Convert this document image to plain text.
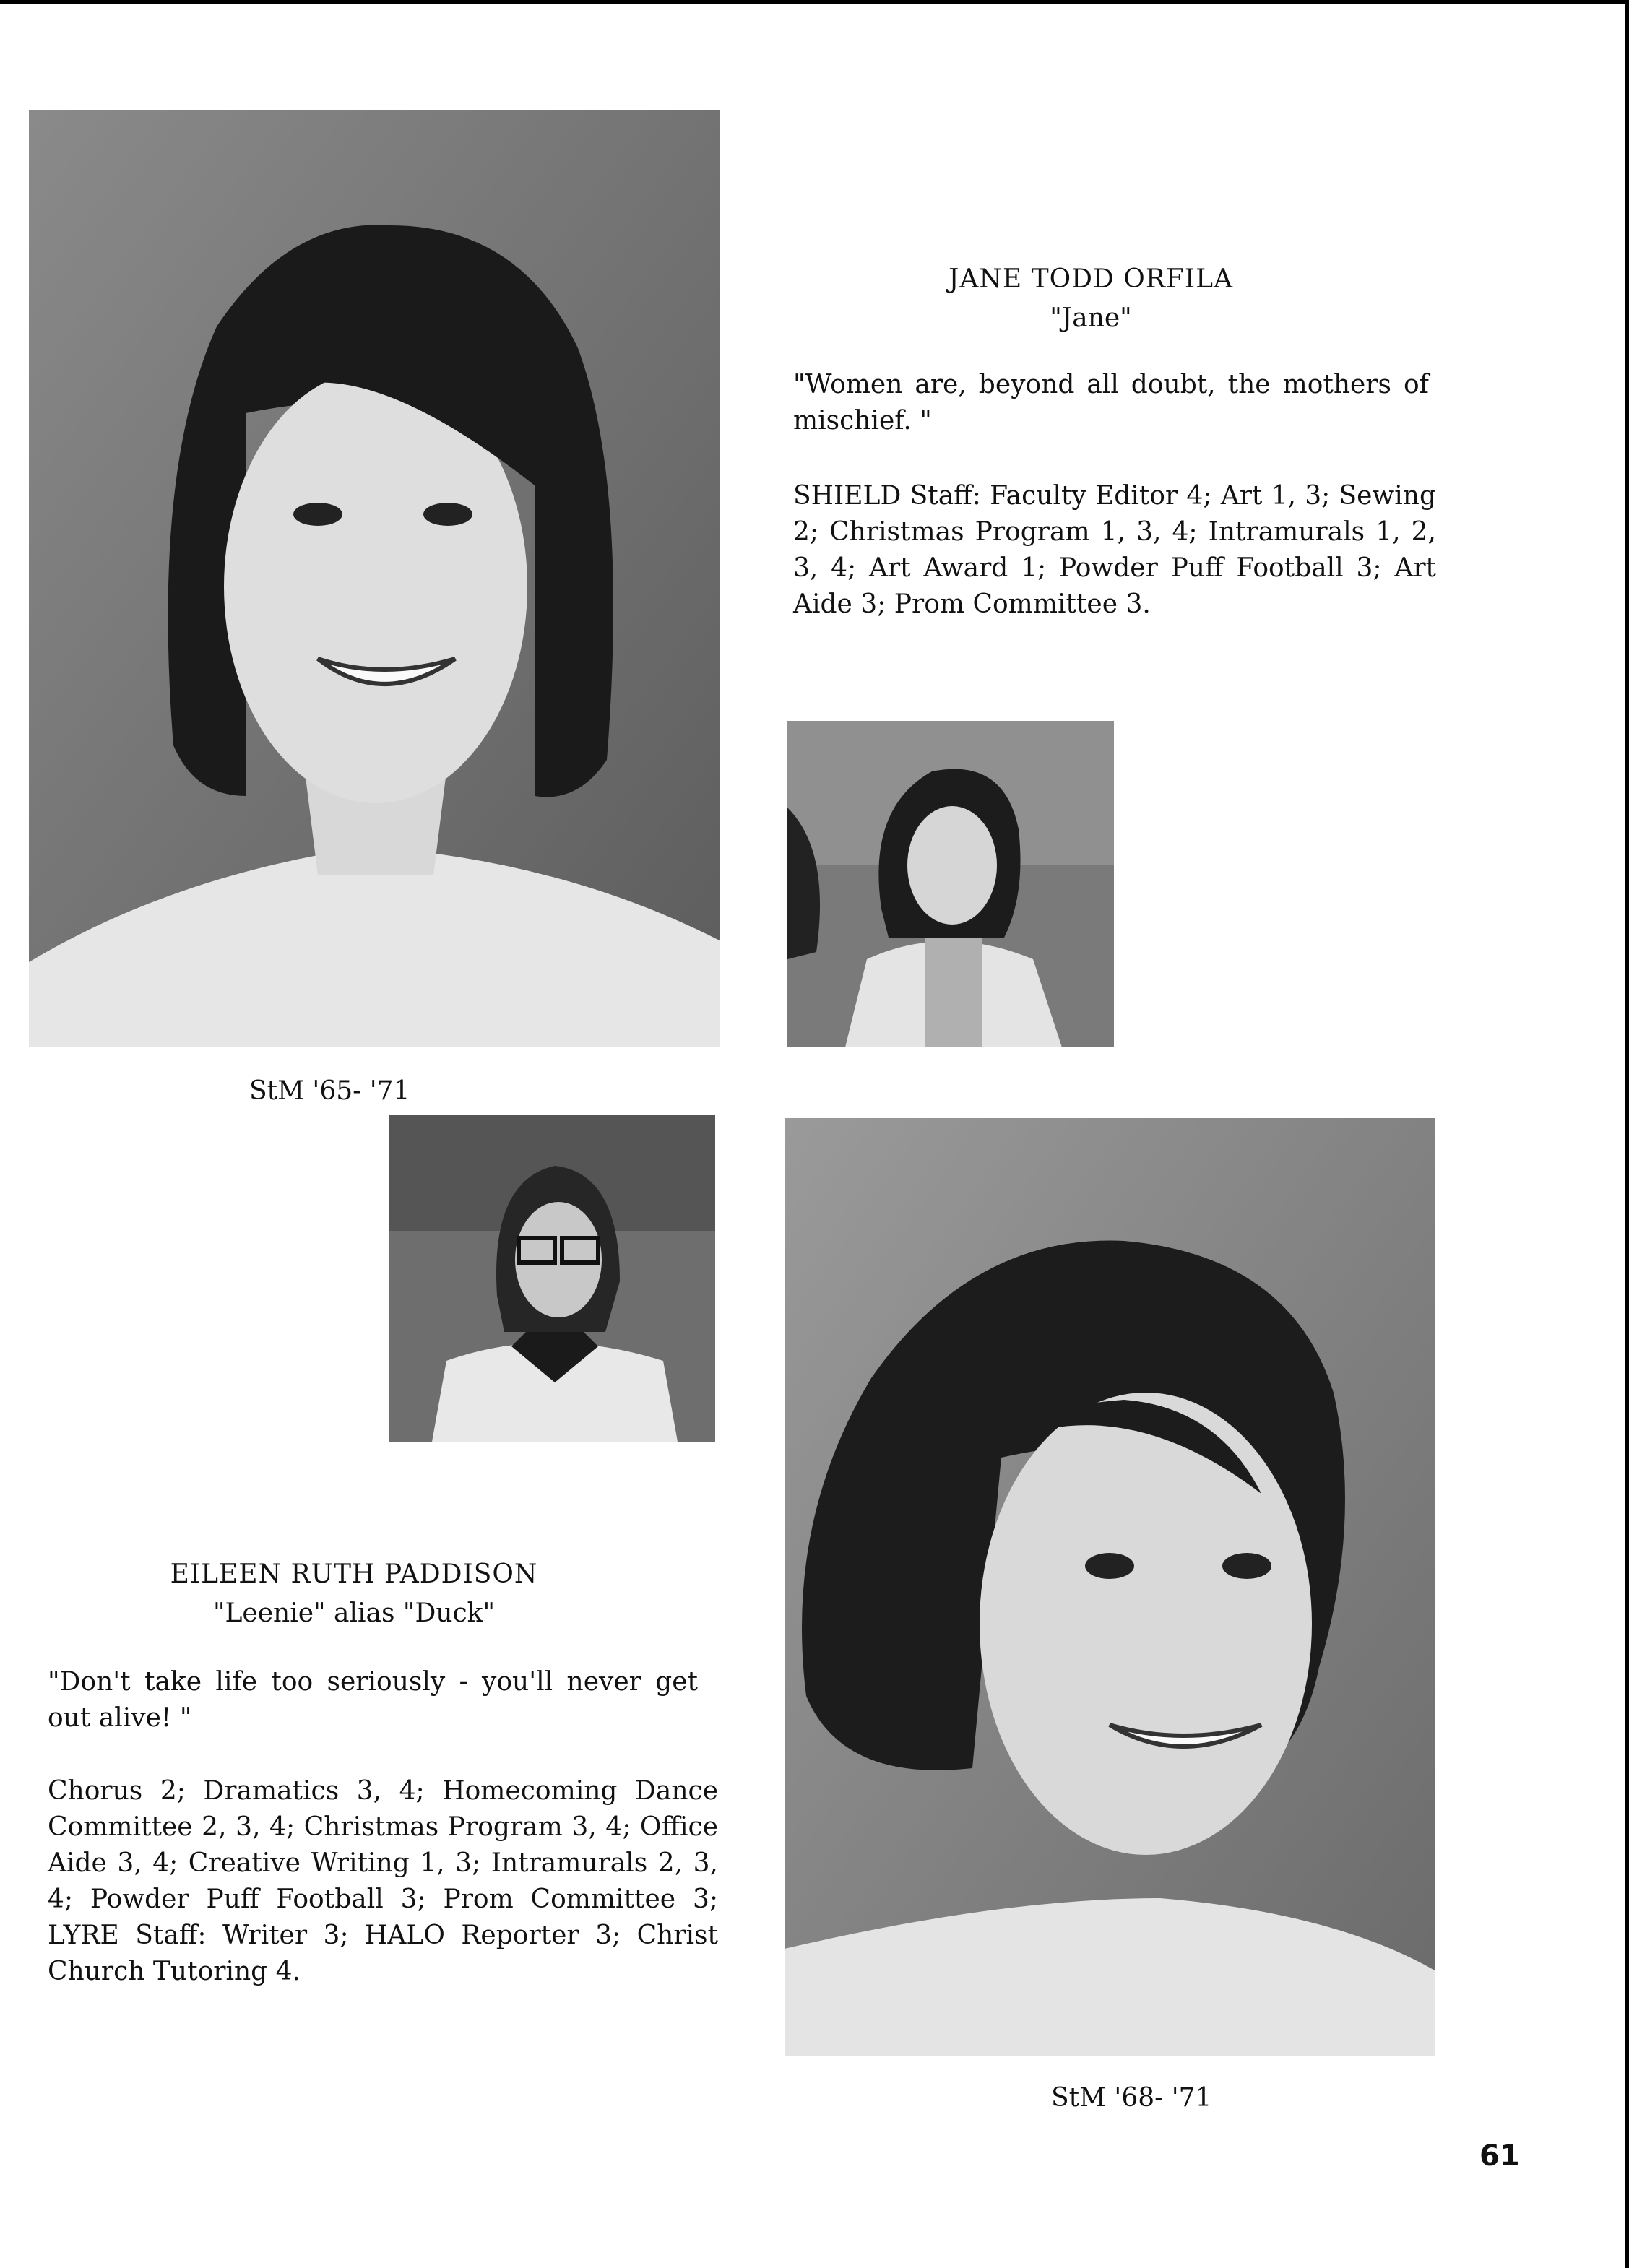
JANE TODD ORFILA
"Jane"
"Women are, beyond all doubt, the mothers of mischief. "
SHIELD Staff: Faculty Editor 4; Art 1, 3; Sewing 2; Christmas Program 1, 3, 4; Intramurals 1, 2, 3, 4; Art Award 1; Powder Puff Football 3; Art Aide 3; Prom Committee 3.
StM '65- '71
EILEEN RUTH PADDISON
"Leenie" alias "Duck"
"Don't take life too seriously - you'll never get out alive! "
Chorus 2; Dramatics 3, 4; Homecoming Dance Committee 2, 3, 4; Christmas Program 3, 4; Office Aide 3, 4; Creative Writing 1, 3; Intramurals 2, 3, 4; Powder Puff Football 3; Prom Committee 3; LYRE Staff: Writer 3; HALO Reporter 3; Christ Church Tutoring 4.
StM '68- '71
61
